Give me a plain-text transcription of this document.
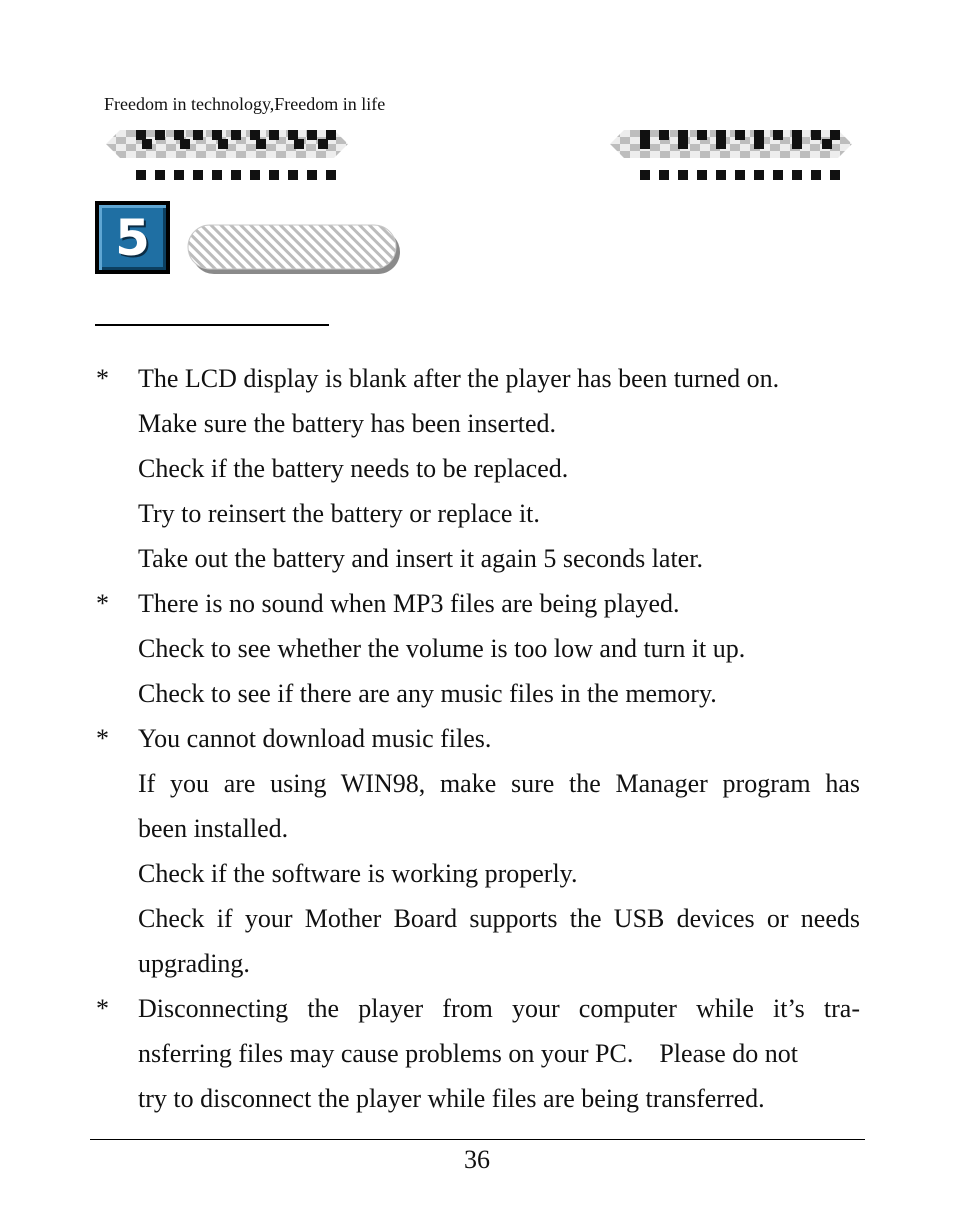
Freedom in technology,Freedom in life
5
* The LCD display is blank after the player has been turned on.
Make sure the battery has been inserted.
Check if the battery needs to be replaced.
Try to reinsert the battery or replace it.
Take out the battery and insert it again 5 seconds later.
* There is no sound when MP3 files are being played.
Check to see whether the volume is too low and turn it up.
Check to see if there are any music files in the memory.
* You cannot download music files.
If you are using WIN98, make sure the Manager program has
been installed.
Check if the software is working properly.
Check if your Mother Board supports the USB devices or needs
upgrading.
* Disconnecting the player from your computer while it’s tra-
nsferring files may cause problems on your PC.    Please do not
try to disconnect the player while files are being transferred.
36
